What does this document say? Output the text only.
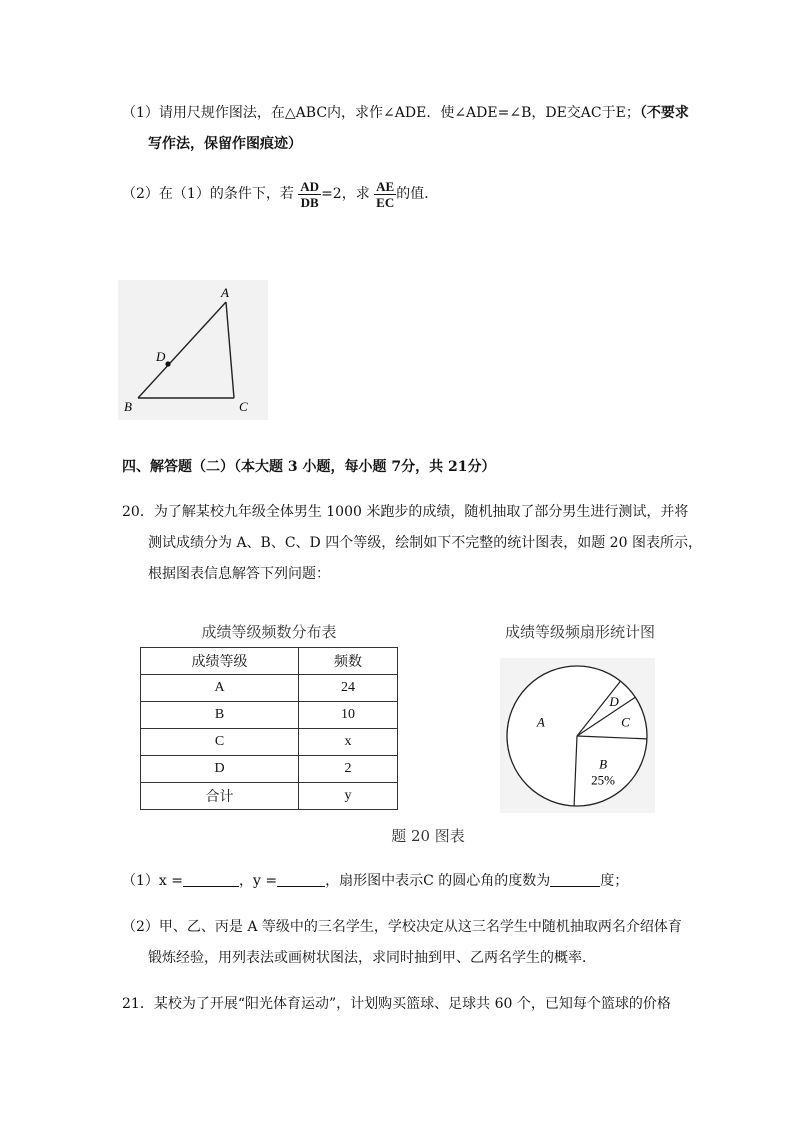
（1）请用尺规作图法，在△ABC内，求作∠ADE．使∠ADE=∠B，DE交AC于E；（不要求
写作法，保留作图痕迹）
（2）在（1）的条件下，若 $\frac{AD}{DB} =2$，求 $\frac{AE}{EC}$ 的值．
A
B	C
D
四、解答题（二）（本大题 3 小题，每小题 7分，共 21分）
20．为了解某校九年级全体男生 1000 米跑步的成绩，随机抽取了部分男生进行测试，并将
测试成绩分为 A、B、C、D 四个等级，绘制如下不完整的统计图表，如题 20 图表所示，
根据图表信息解答下列问题：
成绩等级频数分布表
成绩等级	频数
A	24
B	10
C	x
D	2
合计	y
成绩等级频扇形统计图
B
25%
C
D
A
题 20 图表
（1）x =	，y =	，扇形图中表示C 的圆心角的度数为	度；
（2）甲、乙、丙是 A 等级中的三名学生，学校决定从这三名学生中随机抽取两名介绍体育
锻炼经验，用列表法或画树状图法，求同时抽到甲、乙两名学生的概率．
21．某校为了开展“阳光体育运动”，计划购买篮球、足球共 60 个，已知每个篮球的价格
